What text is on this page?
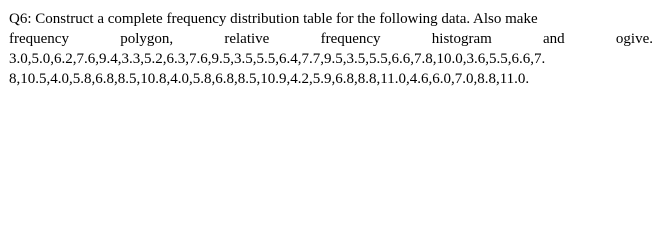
Q6: Construct a complete frequency distribution table for the following data. Also make
frequency	polygon,	relative	frequency	histogram	and	ogive.
3.0,5.0,6.2,7.6,9.4,3.3,5.2,6.3,7.6,9.5,3.5,5.5,6.4,7.7,9.5,3.5,5.5,6.6,7.8,10.0,3.6,5.5,6.6,7.
8,10.5,4.0,5.8,6.8,8.5,10.8,4.0,5.8,6.8,8.5,10.9,4.2,5.9,6.8,8.8,11.0,4.6,6.0,7.0,8.8,11.0.
